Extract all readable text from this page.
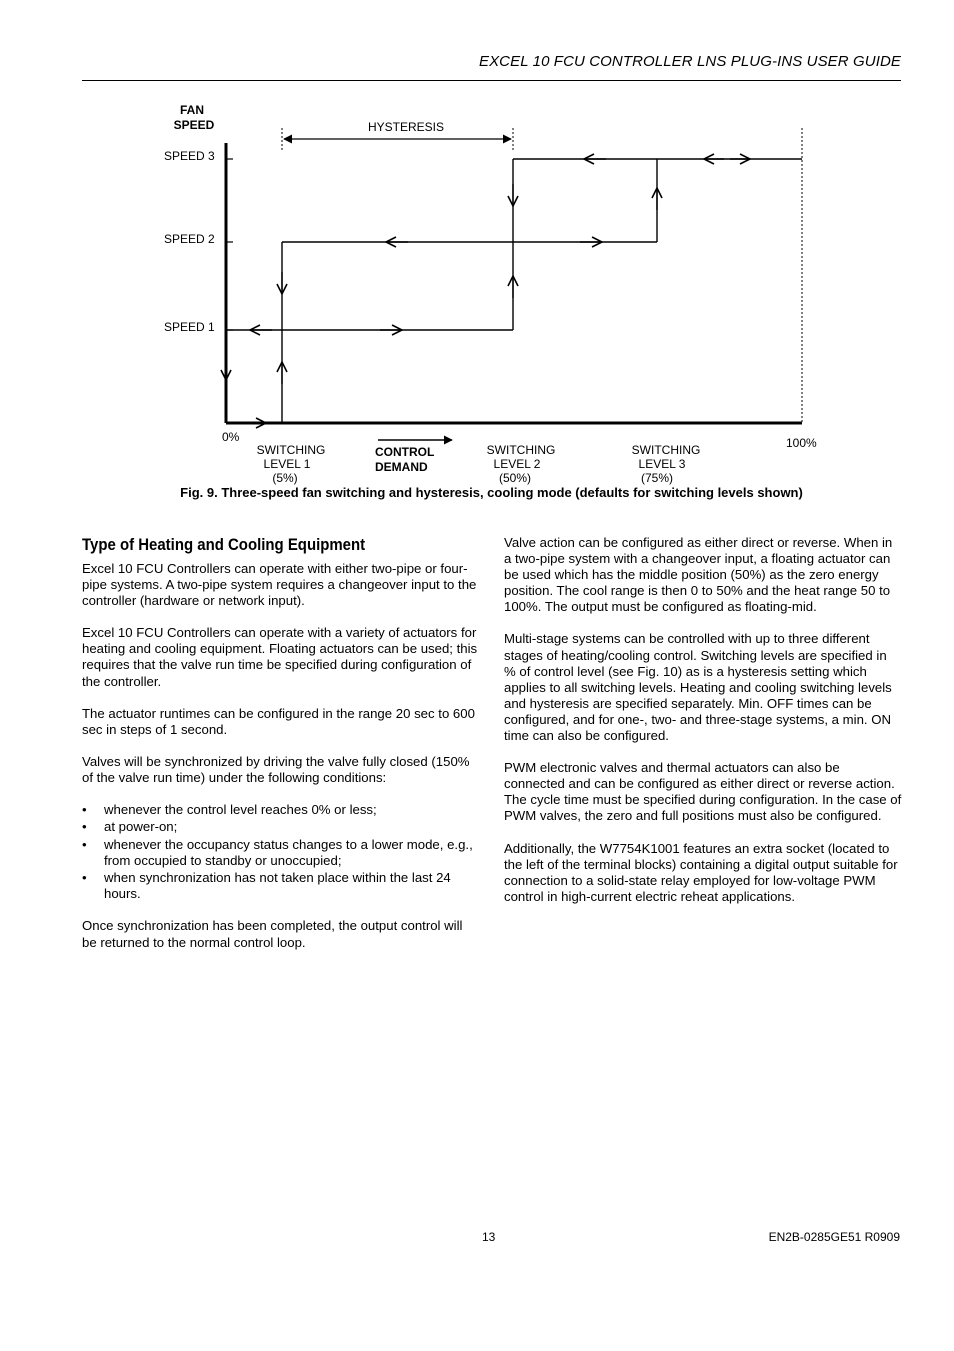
EXCEL 10 FCU CONTROLLER LNS PLUG-INS USER GUIDE
FAN
SPEED
SPEED 3
SPEED 2
SPEED 1
HYSTERESIS
0%	100%
SWITCHING
LEVEL 1
(5%)
SWITCHING
LEVEL 2
(50%)
SWITCHING
LEVEL 3
(75%)
CONTROL
DEMAND
Fig. 9. Three-speed fan switching and hysteresis, cooling mode (defaults for switching levels shown)
Type of Heating and Cooling Equipment

Excel 10 FCU Controllers can operate with either two-pipe or four-pipe systems. A two-pipe system requires a changeover input to the controller (hardware or network input).

Excel 10 FCU Controllers can operate with a variety of actuators for heating and cooling equipment. Floating actuators can be used; this requires that the valve run time be specified during configuration of the controller.

The actuator runtimes can be configured in the range 20 sec to 600 sec in steps of 1 second.

Valves will be synchronized by driving the valve fully closed (150% of the valve run time) under the following conditions:

• whenever the control level reaches 0% or less;
• at power-on;
• whenever the occupancy status changes to a lower mode, e.g., from occupied to standby or unoccupied;
• when synchronization has not taken place within the last 24 hours.

Once synchronization has been completed, the output control will be returned to the normal control loop.

Valve action can be configured as either direct or reverse. When in a two-pipe system with a changeover input, a floating actuator can be used which has the middle position (50%) as the zero energy position. The cool range is then 0 to 50% and the heat range 50 to 100%. The output must be configured as floating-mid.

Multi-stage systems can be controlled with up to three different stages of heating/cooling control. Switching levels are specified in % of control level (see Fig. 10) as is a hysteresis setting which applies to all switching levels. Heating and cooling switching levels and hysteresis are specified separately. Min. OFF times can be configured, and for one-, two- and three-stage systems, a min. ON time can also be configured.

PWM electronic valves and thermal actuators can also be connected and can be configured as either direct or reverse action. The cycle time must be specified during configuration. In the case of PWM valves, the zero and full positions must also be configured.

Additionally, the W7754K1001 features an extra socket (located to the left of the terminal blocks) containing a digital output suitable for connection to a solid-state relay employed for low-voltage PWM control in high-current electric reheat applications.

13	EN2B-0285GE51 R0909
